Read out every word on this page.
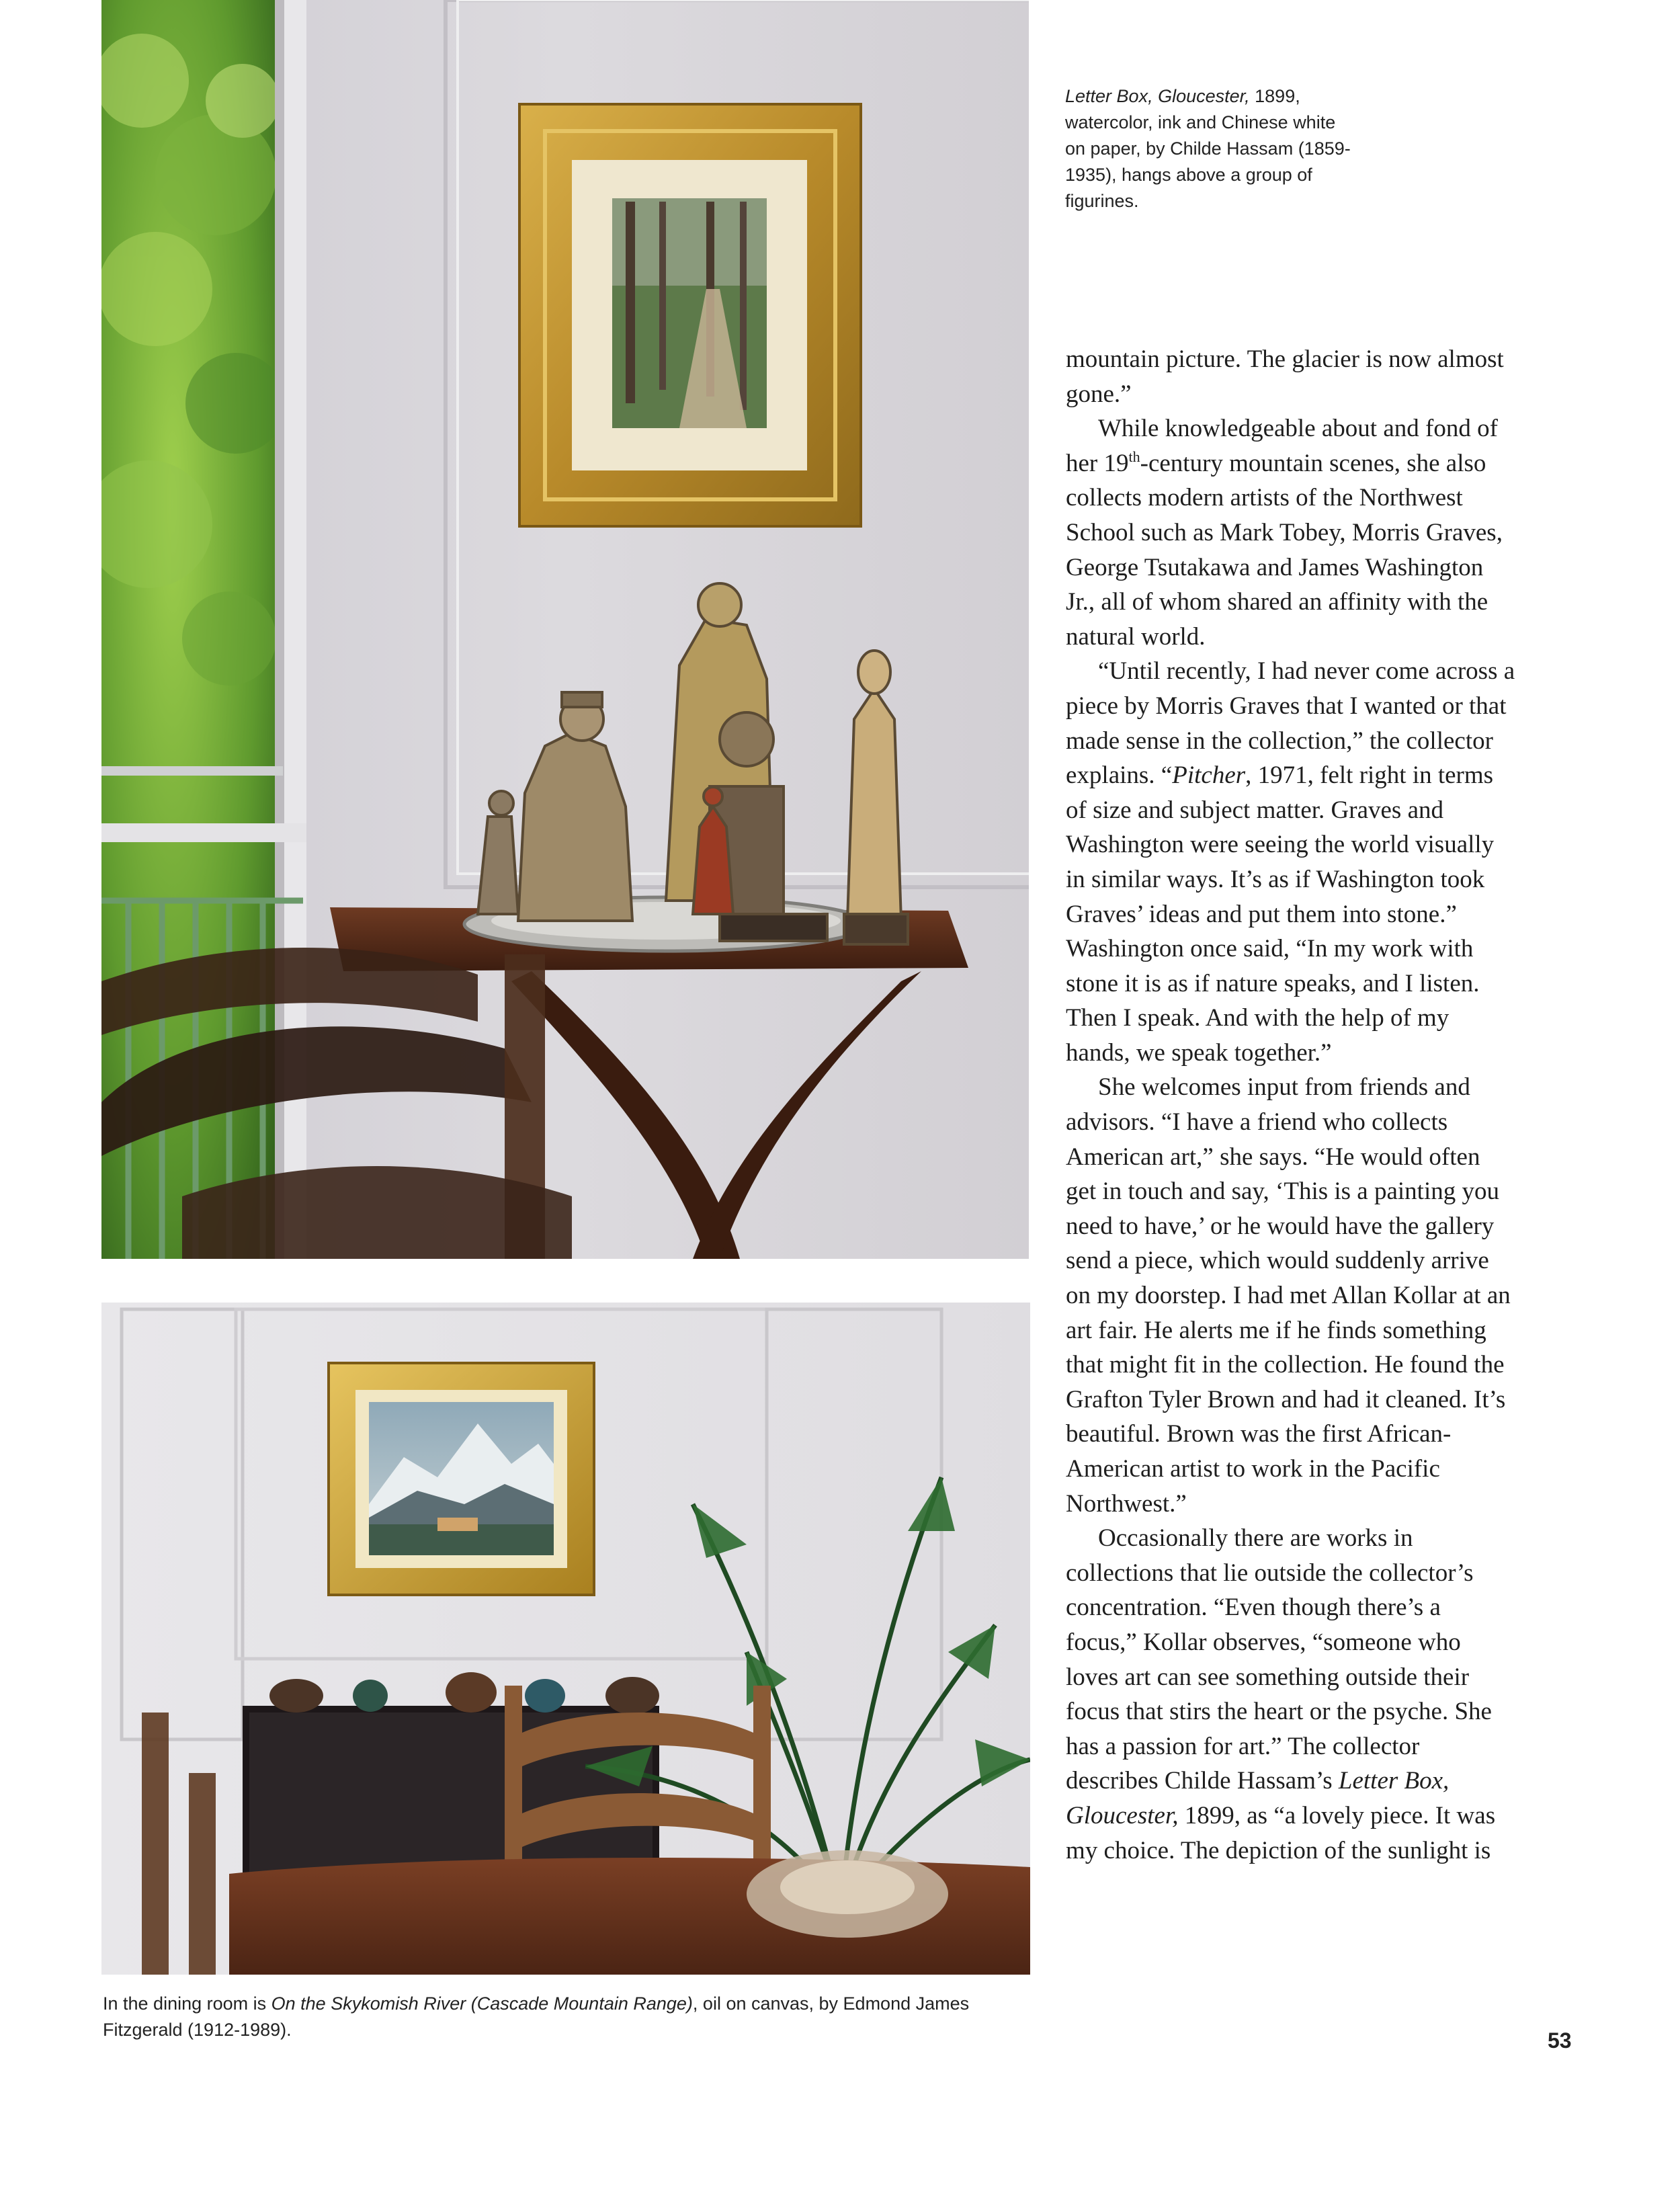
Letter Box, Gloucester, 1899, watercolor, ink and Chinese white on paper, by Childe Hassam (1859-1935), hangs above a group of figurines.

mountain picture. The glacier is now almost gone.”

While knowledgeable about and fond of her 19th-century mountain scenes, she also collects modern artists of the Northwest School such as Mark Tobey, Morris Graves, George Tsutakawa and James Washington Jr., all of whom shared an affinity with the natural world.

“Until recently, I had never come across a piece by Morris Graves that I wanted or that made sense in the collection,” the collector explains. “Pitcher, 1971, felt right in terms of size and subject matter. Graves and Washington were seeing the world visually in similar ways. It’s as if Washington took Graves’ ideas and put them into stone.” Washington once said, “In my work with stone it is as if nature speaks, and I listen. Then I speak. And with the help of my hands, we speak together.”

She welcomes input from friends and advisors. “I have a friend who collects American art,” she says. “He would often get in touch and say, ‘This is a painting you need to have,’ or he would have the gallery send a piece, which would suddenly arrive on my doorstep. I had met Allan Kollar at an art fair. He alerts me if he finds something that might fit in the collection. He found the Grafton Tyler Brown and had it cleaned. It’s beautiful. Brown was the first African-American artist to work in the Pacific Northwest.”

Occasionally there are works in collections that lie outside the collector’s concentration. “Even though there’s a focus,” Kollar observes, “someone who loves art can see something outside their focus that stirs the heart or the psyche. She has a passion for art.” The collector describes Childe Hassam’s Letter Box, Gloucester, 1899, as “a lovely piece. It was my choice. The depiction of the sunlight is

In the dining room is On the Skykomish River (Cascade Mountain Range), oil on canvas, by Edmond James Fitzgerald (1912-1989).	53
